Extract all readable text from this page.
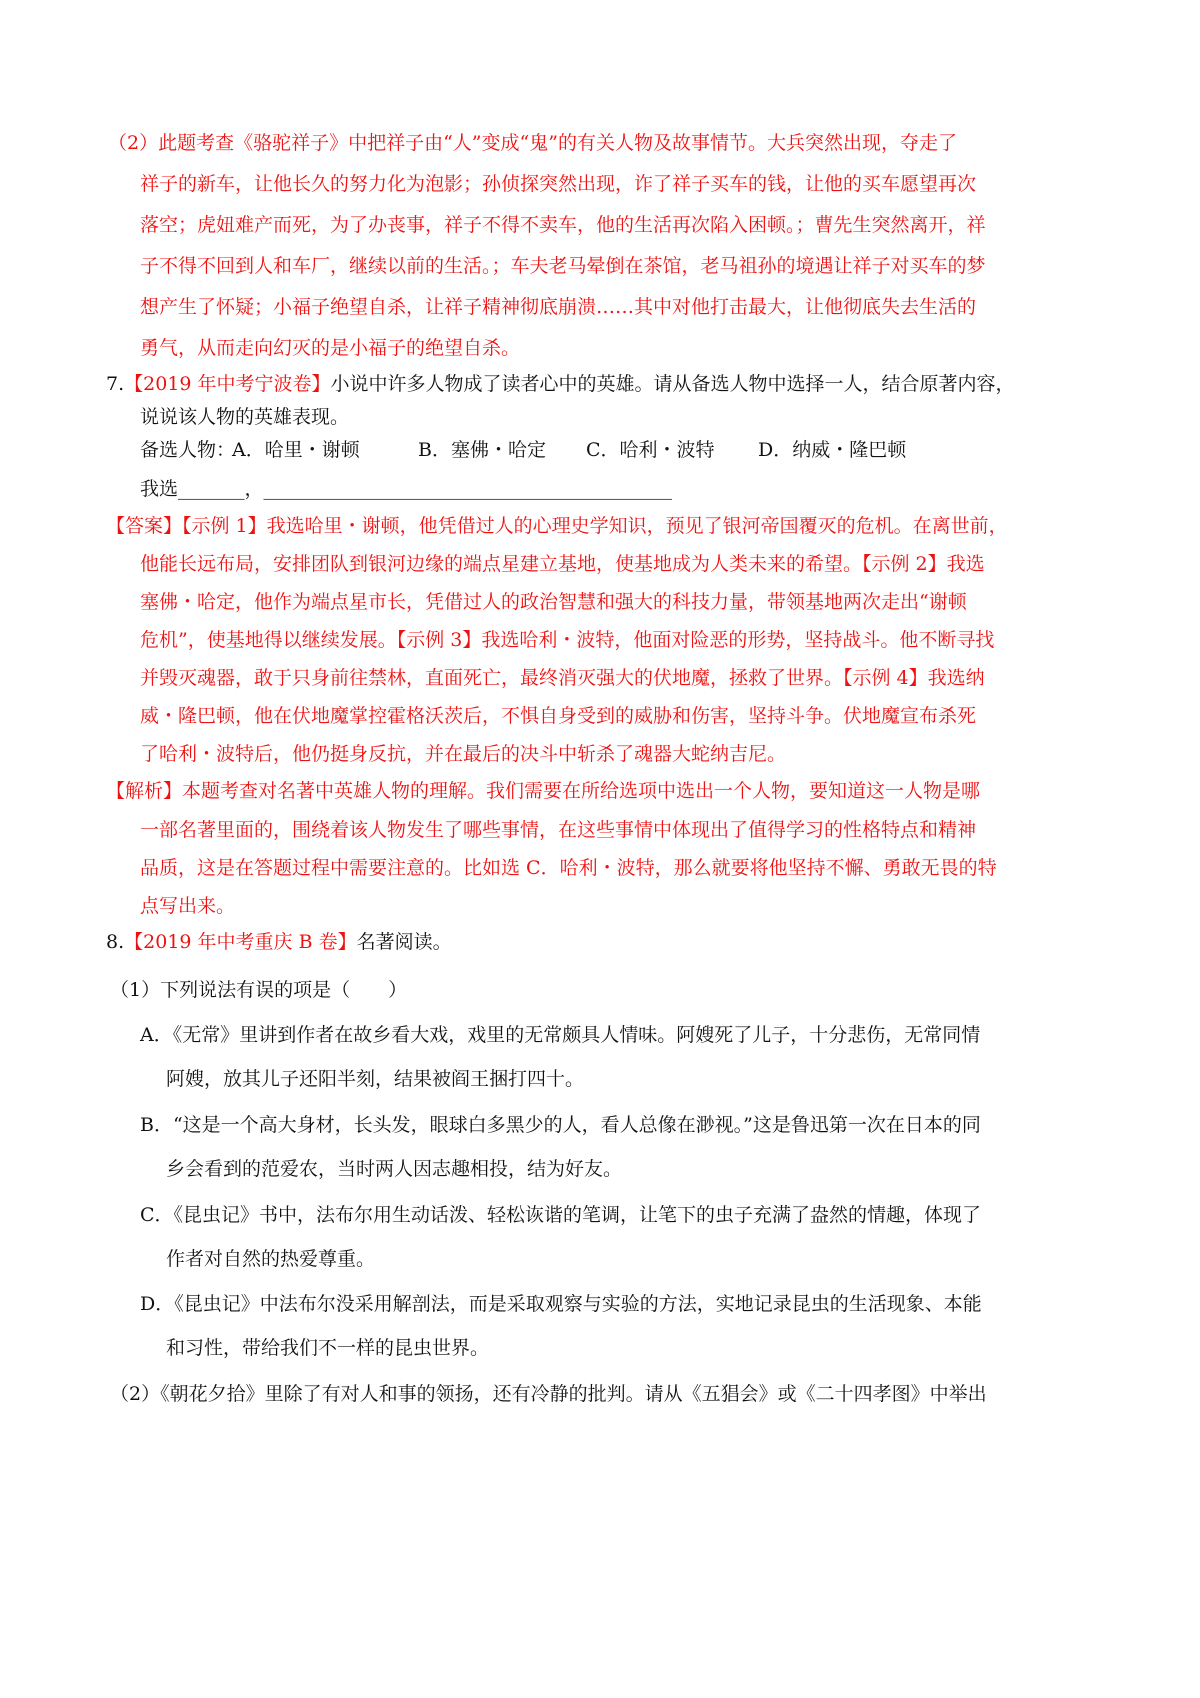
（2）此题考查《骆驼祥子》中把祥子由“人”变成“鬼”的有关人物及故事情节。大兵突然出现，夺走了
祥子的新车，让他长久的努力化为泡影；孙侦探突然出现，诈了祥子买车的钱，让他的买车愿望再次
落空；虎妞难产而死，为了办丧事，祥子不得不卖车，他的生活再次陷入困顿。；曹先生突然离开，祥
子不得不回到人和车厂，继续以前的生活。；车夫老马晕倒在茶馆，老马祖孙的境遇让祥子对买车的梦
想产生了怀疑；小福子绝望自杀，让祥子精神彻底崩溃……其中对他打击最大，让他彻底失去生活的
勇气，从而走向幻灭的是小福子的绝望自杀。
7.【2019 年中考宁波卷】小说中许多人物成了读者心中的英雄。请从备选人物中选择一人，结合原著内容，
说说该人物的英雄表现。
备选人物：
A．哈里・谢顿	B．塞佛・哈定 C．哈利・波特 D．纳威・隆巴顿
我选_______，___________________________________________
【答案】【示例 1】我选哈里・谢顿，他凭借过人的心理史学知识，预见了银河帝国覆灭的危机。在离世前，
他能长远布局，安排团队到银河边缘的端点星建立基地，使基地成为人类未来的希望。【示例 2】我选
塞佛・哈定，他作为端点星市长，凭借过人的政治智慧和强大的科技力量，带领基地两次走出“谢顿
危机”，使基地得以继续发展。【示例 3】我选哈利・波特，他面对险恶的形势，坚持战斗。他不断寻找
并毁灭魂器，敢于只身前往禁林，直面死亡，最终消灭强大的伏地魔，拯救了世界。【示例 4】我选纳
威・隆巴顿，他在伏地魔掌控霍格沃茨后，不惧自身受到的威胁和伤害，坚持斗争。伏地魔宣布杀死
了哈利・波特后，他仍挺身反抗，并在最后的决斗中斩杀了魂器大蛇纳吉尼。
【解析】本题考查对名著中英雄人物的理解。我们需要在所给选项中选出一个人物，要知道这一人物是哪
一部名著里面的，围绕着该人物发生了哪些事情，在这些事情中体现出了值得学习的性格特点和精神
品质，这是在答题过程中需要注意的。比如选 C．哈利・波特，那么就要将他坚持不懈、勇敢无畏的特
点写出来。
8.【2019 年中考重庆 B 卷】名著阅读。
（1）下列说法有误的项是（　　）
A．《无常》里讲到作者在故乡看大戏，戏里的无常颇具人情味。阿嫂死了儿子，十分悲伤，无常同情
阿嫂，放其儿子还阳半刻，结果被阎王捆打四十。
B．“这是一个高大身材，长头发，眼球白多黑少的人，看人总像在渺视。”这是鲁迅第一次在日本的同
乡会看到的范爱农，当时两人因志趣相投，结为好友。
C．《昆虫记》书中，法布尔用生动话泼、轻松诙谐的笔调，让笔下的虫子充满了盎然的情趣，体现了
作者对自然的热爱尊重。
D．《昆虫记》中法布尔没采用解剖法，而是采取观察与实验的方法，实地记录昆虫的生活现象、本能
和习性，带给我们不一样的昆虫世界。
（2）《朝花夕拾》里除了有对人和事的领扬，还有冷静的批判。请从《五猖会》或《二十四孝图》中举出
